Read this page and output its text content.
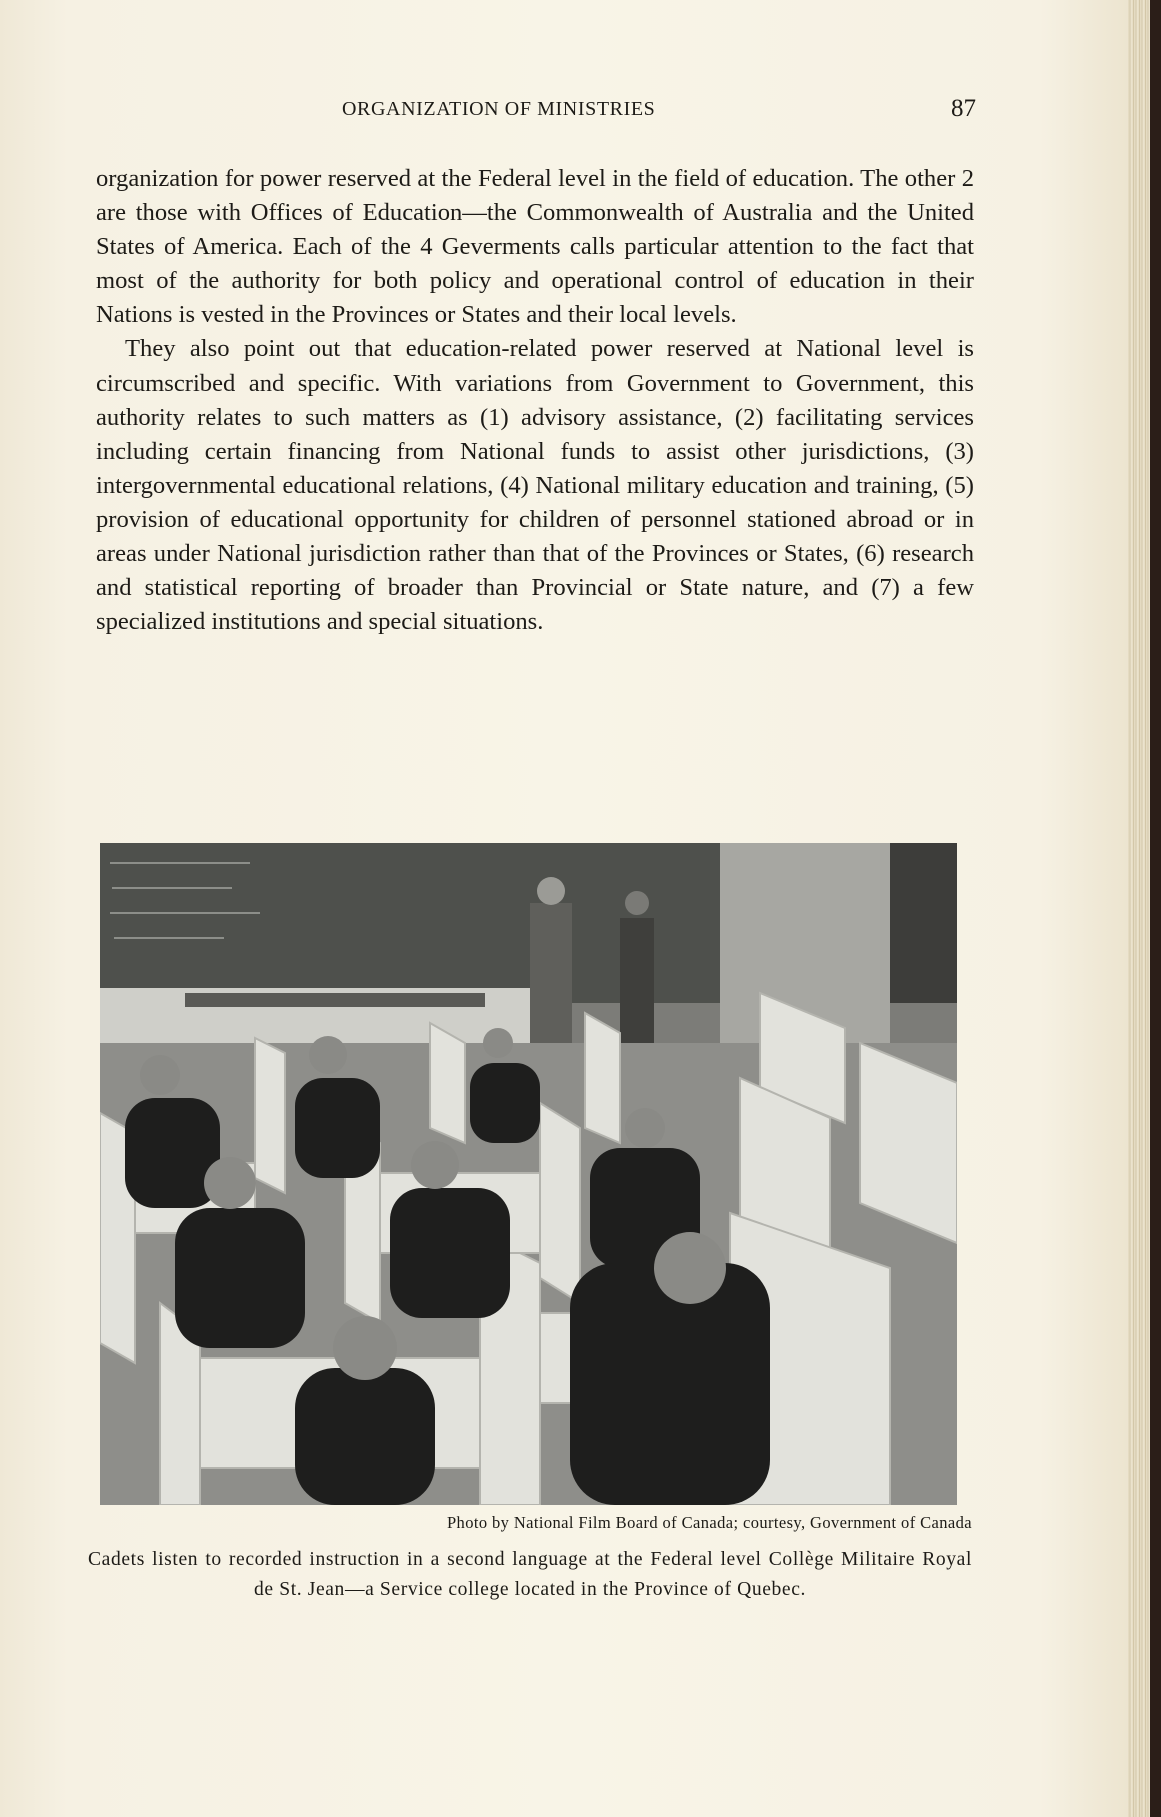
ORGANIZATION OF MINISTRIES	87

organization for power reserved at the Federal level in the field of education. The other 2 are those with Offices of Education—the Commonwealth of Australia and the United States of America. Each of the 4 Geverments calls particular attention to the fact that most of the authority for both policy and operational control of education in their Nations is vested in the Provinces or States and their local levels.

They also point out that education-related power reserved at National level is circumscribed and specific. With variations from Government to Government, this authority relates to such matters as (1) advisory assistance, (2) facilitating services including certain financing from National funds to assist other jurisdictions, (3) intergovernmental educational relations, (4) National military education and training, (5) provision of educational opportunity for children of personnel stationed abroad or in areas under National jurisdiction rather than that of the Provinces or States, (6) research and statistical reporting of broader than Provincial or State nature, and (7) a few specialized institutions and special situations.

Photo by National Film Board of Canada; courtesy, Government of Canada
Cadets listen to recorded instruction in a second language at the Federal level Collège Militaire Royal de St. Jean—a Service college located in the Province of Quebec.
